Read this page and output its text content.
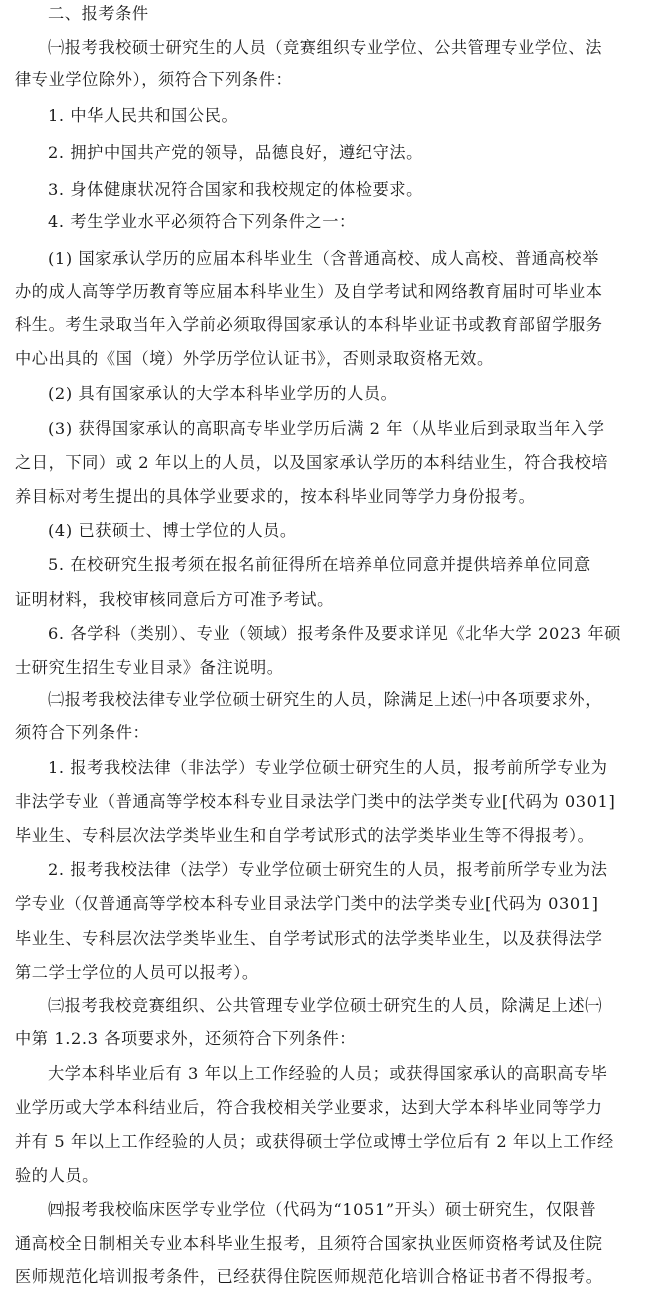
二、报考条件
㈠报考我校硕士研究生的人员（竞赛组织专业学位、公共管理专业学位、法
律专业学位除外），须符合下列条件：
1. 中华人民共和国公民。
2. 拥护中国共产党的领导，品德良好，遵纪守法。
3. 身体健康状况符合国家和我校规定的体检要求。
4. 考生学业水平必须符合下列条件之一：
(1) 国家承认学历的应届本科毕业生（含普通高校、成人高校、普通高校举
办的成人高等学历教育等应届本科毕业生）及自学考试和网络教育届时可毕业本
科生。考生录取当年入学前必须取得国家承认的本科毕业证书或教育部留学服务
中心出具的《国（境）外学历学位认证书》，否则录取资格无效。
(2) 具有国家承认的大学本科毕业学历的人员。
(3) 获得国家承认的高职高专毕业学历后满 2 年（从毕业后到录取当年入学
之日，下同）或 2 年以上的人员，以及国家承认学历的本科结业生，符合我校培
养目标对考生提出的具体学业要求的，按本科毕业同等学力身份报考。
(4) 已获硕士、博士学位的人员。
5. 在校研究生报考须在报名前征得所在培养单位同意并提供培养单位同意
证明材料，我校审核同意后方可准予考试。
6. 各学科（类别）、专业（领域）报考条件及要求详见《北华大学 2023 年硕
士研究生招生专业目录》备注说明。
㈡报考我校法律专业学位硕士研究生的人员，除满足上述㈠中各项要求外，
须符合下列条件：
1. 报考我校法律（非法学）专业学位硕士研究生的人员，报考前所学专业为
非法学专业（普通高等学校本科专业目录法学门类中的法学类专业[代码为 0301]
毕业生、专科层次法学类毕业生和自学考试形式的法学类毕业生等不得报考）。
2. 报考我校法律（法学）专业学位硕士研究生的人员，报考前所学专业为法
学专业（仅普通高等学校本科专业目录法学门类中的法学类专业[代码为 0301]
毕业生、专科层次法学类毕业生、自学考试形式的法学类毕业生，以及获得法学
第二学士学位的人员可以报考）。
㈢报考我校竞赛组织、公共管理专业学位硕士研究生的人员，除满足上述㈠
中第 1.2.3 各项要求外，还须符合下列条件：
大学本科毕业后有 3 年以上工作经验的人员；或获得国家承认的高职高专毕
业学历或大学本科结业后，符合我校相关学业要求，达到大学本科毕业同等学力
并有 5 年以上工作经验的人员；或获得硕士学位或博士学位后有 2 年以上工作经
验的人员。
㈣报考我校临床医学专业学位（代码为“1051”开头）硕士研究生，仅限普
通高校全日制相关专业本科毕业生报考，且须符合国家执业医师资格考试及住院
医师规范化培训报考条件，已经获得住院医师规范化培训合格证书者不得报考。
